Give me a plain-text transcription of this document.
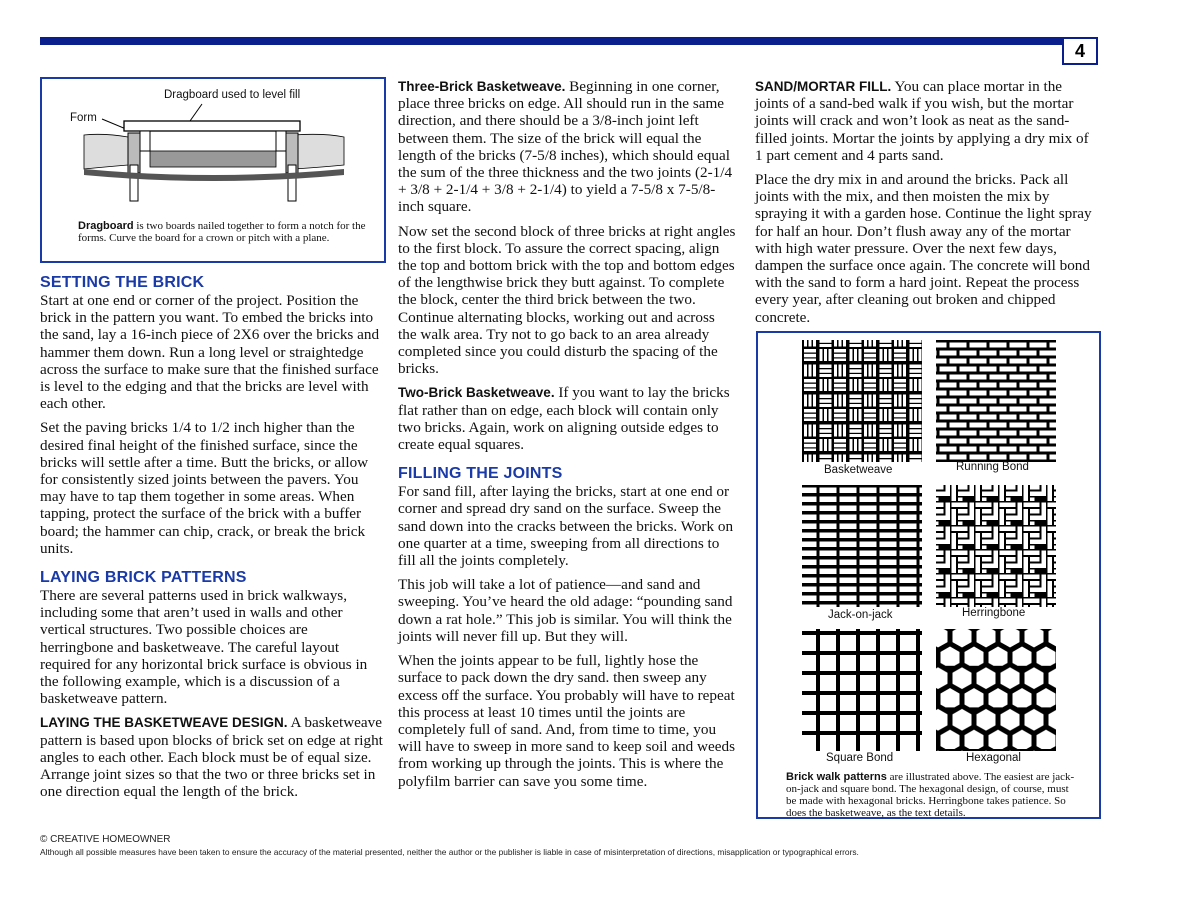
4
Dragboard used to level fill
Form
Dragboard is two boards nailed together to form a notch for the forms. Curve the board for a crown or pitch with a plane.
SETTING THE BRICK

Start at one end or corner of the project. Position the brick in the pattern you want. To embed the bricks into the sand, lay a 16-inch piece of 2X6 over the bricks and hammer them down. Run a long level or straightedge across the surface to make sure that the finished surface is level to the edging and that the bricks are level with each other.

Set the paving bricks 1/4 to 1/2 inch higher than the desired final height of the finished surface, since the bricks will settle after a time. Butt the bricks, or allow for consistently sized joints between the pavers. You may have to tap them together in some areas. When tapping, protect the surface of the brick with a buffer board; the hammer can chip, crack, or break the brick units.

LAYING BRICK PATTERNS

There are several patterns used in brick walkways, including some that aren’t used in walls and other vertical structures. Two possible choices are herringbone and basketweave. The careful layout required for any horizontal brick surface is obvious in the following example, which is a discussion of a basketweave pattern.

LAYING THE BASKETWEAVE DESIGN. A basketweave pattern is based upon blocks of brick set on edge at right angles to each other. Each block must be of equal size. Arrange joint sizes so that the two or three bricks set in one direction equal the length of the brick.

Three-Brick Basketweave. Beginning in one corner, place three bricks on edge. All should run in the same direction, and there should be a 3/8-inch joint left between them. The size of the brick will equal the length of the bricks (7-5/8 inches), which should equal the sum of the three thickness and the two joints (2-1/4 + 3/8 + 2-1/4 + 3/8 + 2-1/4) to yield a 7-5/8 x 7-5/8-inch square.

Now set the second block of three bricks at right angles to the first block. To assure the correct spacing, align the top and bottom brick with the top and bottom edges of the lengthwise brick they butt against. To complete the block, center the third brick between the two. Continue alternating blocks, working out and across the walk area. Try not to go back to an area already completed since you could disturb the spacing of the bricks.

Two-Brick Basketweave. If you want to lay the bricks flat rather than on edge, each block will contain only two bricks. Again, work on aligning outside edges to create equal squares.

FILLING THE JOINTS

For sand fill, after laying the bricks, start at one end or corner and spread dry sand on the surface. Sweep the sand down into the cracks between the bricks. Work on one quarter at a time, sweeping from all directions to fill all the joints completely.

This job will take a lot of patience—and sand and sweeping. You’ve heard the old adage: “pounding sand down a rat hole.” This job is similar. You will think the joints will never fill up. But they will.

When the joints appear to be full, lightly hose the surface to pack down the dry sand. then sweep any excess off the surface. You probably will have to repeat this process at least 10 times until the joints are completely full of sand. And, from time to time, you will have to sweep in more sand to keep soil and weeds from working up through the joints. This is where the polyfilm barrier can save you some time.

SAND/MORTAR FILL. You can place mortar in the joints of a sand-bed walk if you wish, but the mortar joints will crack and won’t look as neat as the sand-filled joints. Mortar the joints by applying a dry mix of 1 part cement and 4 parts sand.

Place the dry mix in and around the bricks. Pack all joints with the mix, and then moisten the mix by spraying it with a garden hose. Continue the light spray for half an hour. Don’t flush away any of the mortar with high water pressure. Over the next few days, dampen the surface once again. The concrete will bond with the sand to form a hard joint. Repeat the process every year, after cleaning out broken and chipped concrete.

Basketweave	Running Bond
Jack-on-jack	Herringbone
Square Bond	Hexagonal
Brick walk patterns are illustrated above. The easiest are jack-on-jack and square bond. The hexagonal design, of course, must be made with hexagonal bricks. Herringbone takes patience. So does the basketweave, as the text details.
© CREATIVE HOMEOWNER
Although all possible measures have been taken to ensure the accuracy of the material presented, neither the author or the publisher is liable in case of misinterpretation of directions, misapplication or typographical errors.
